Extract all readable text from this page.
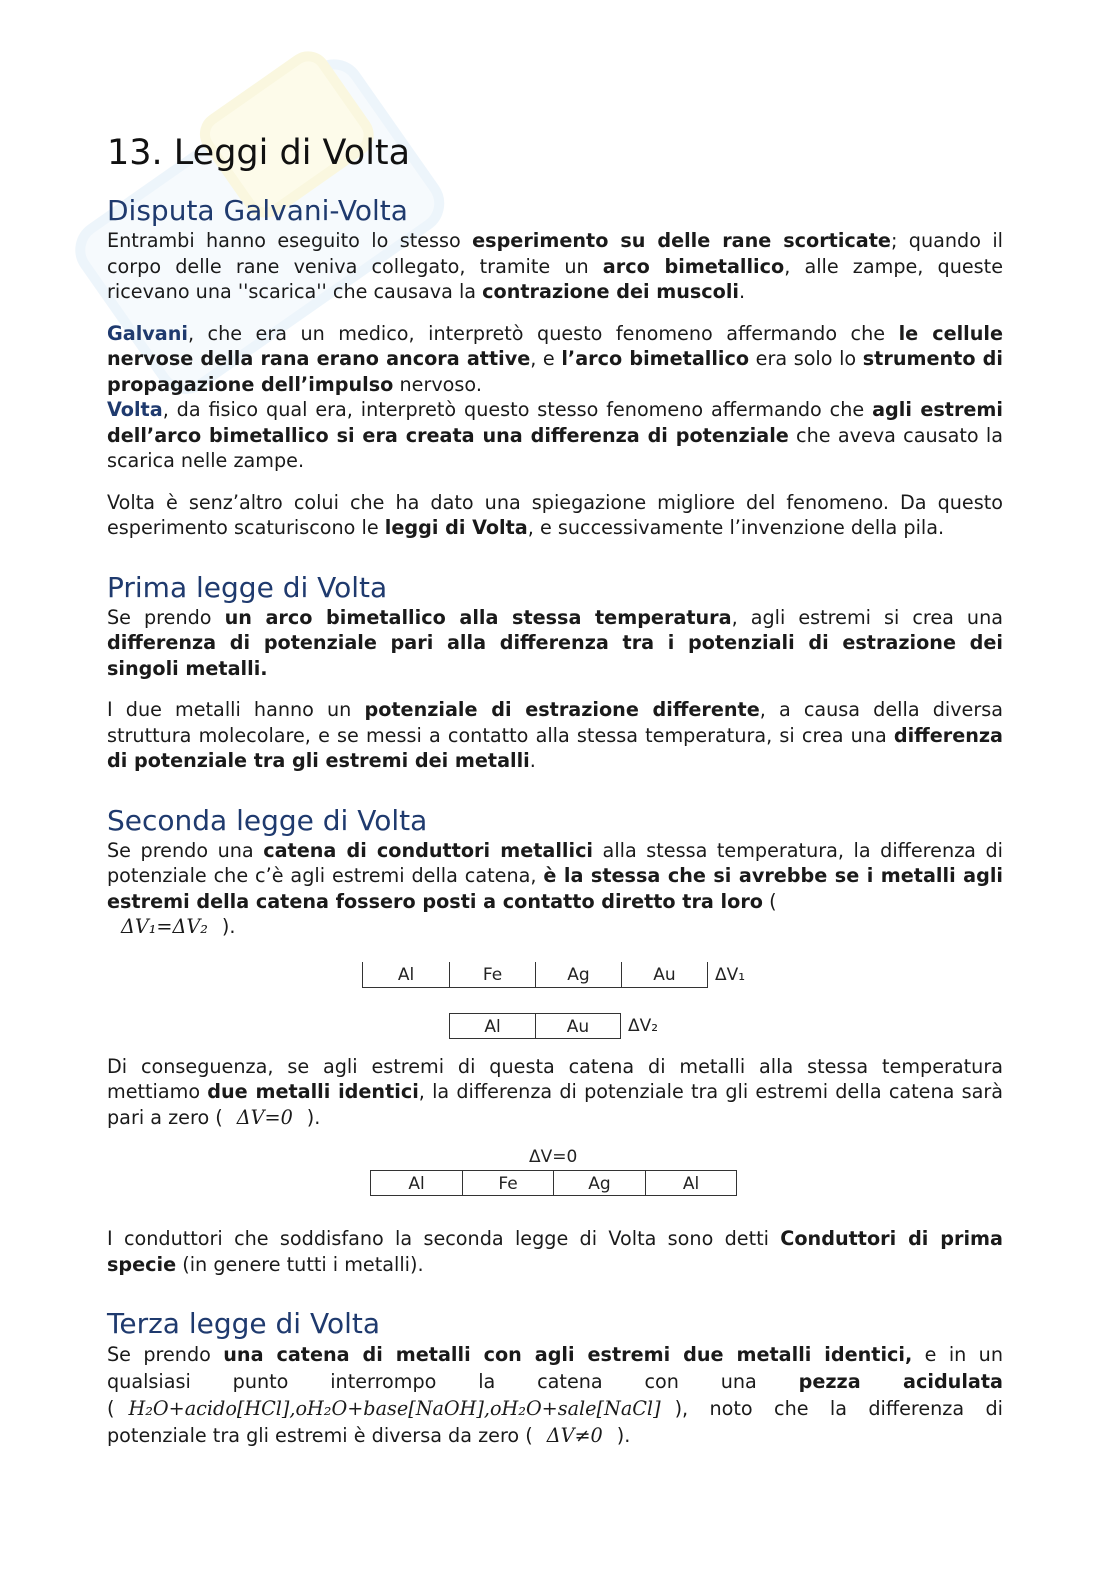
13. Leggi di Volta
Disputa Galvani-Volta

Entrambi hanno eseguito lo stesso esperimento su delle rane scorticate; quando il corpo delle rane veniva collegato, tramite un arco bimetallico, alle zampe, queste ricevano una ''scarica'' che causava la contrazione dei muscoli.

Galvani, che era un medico, interpretò questo fenomeno affermando che le cellule nervose della rana erano ancora attive, e l’arco bimetallico era solo lo strumento di propagazione dell’impulso nervoso.

Volta, da fisico qual era, interpretò questo stesso fenomeno affermando che agli estremi dell’arco bimetallico si era creata una differenza di potenziale che aveva causato la scarica nelle zampe.

Volta è senz’altro colui che ha dato una spiegazione migliore del fenomeno. Da questo esperimento scaturiscono le leggi di Volta, e successivamente l’invenzione della pila.

Prima legge di Volta

Se prendo un arco bimetallico alla stessa temperatura, agli estremi si crea una differenza di potenziale pari alla differenza tra i potenziali di estrazione dei singoli metalli.

I due metalli hanno un potenziale di estrazione differente, a causa della diversa struttura molecolare, e se messi a contatto alla stessa temperatura, si crea una differenza di potenziale tra gli estremi dei metalli.

Seconda legge di Volta

Se prendo una catena di conduttori metallici alla stessa temperatura, la differenza di potenziale che c’è agli estremi della catena, è la stessa che si avrebbe se i metalli agli estremi della catena fossero posti a contatto diretto tra loro (
ΔV₁=ΔV₂ ).

Al	Fe	Ag	Au	ΔV₁
Al	Au	ΔV₂

Di conseguenza, se agli estremi di questa catena di metalli alla stessa temperatura mettiamo due metalli identici, la differenza di potenziale tra gli estremi della catena sarà pari a zero ( ΔV=0 ).

ΔV=0
Al	Fe	Ag	Al

I conduttori che soddisfano la seconda legge di Volta sono detti Conduttori di prima specie (in genere tutti i metalli).

Terza legge di Volta

Se prendo una catena di metalli con agli estremi due metalli identici, e in un qualsiasi punto interrompo la catena con una pezza acidulata ( H₂O+acido[HCl],oH₂O+base[NaOH],oH₂O+sale[NaCl] ), noto che la differenza di potenziale tra gli estremi è diversa da zero ( ΔV≠0 ).
